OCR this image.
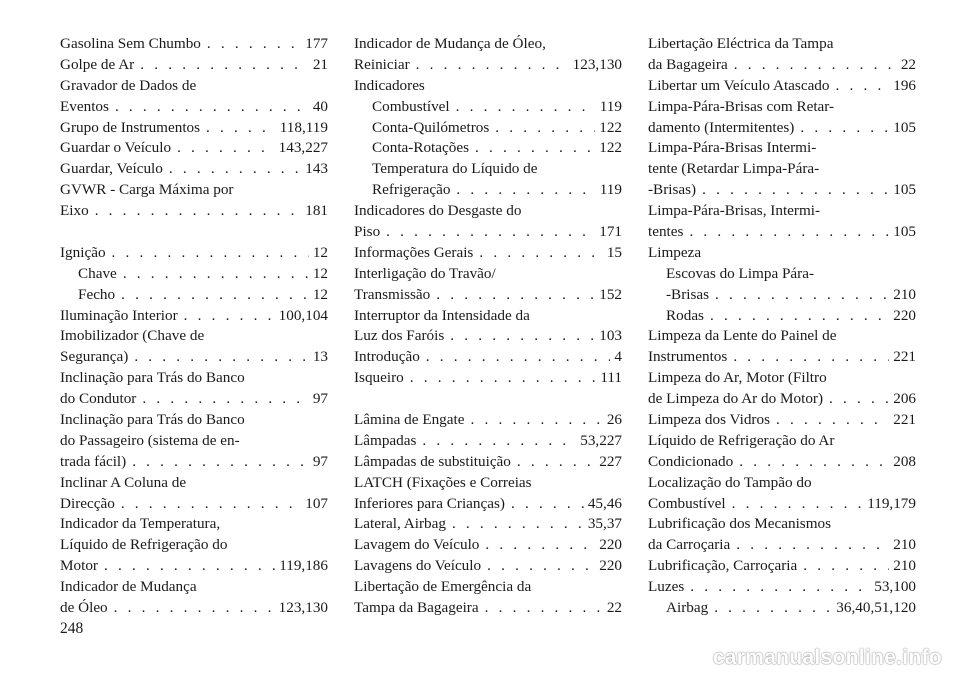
Gasolina Sem Chumbo . . .	177
Golpe de Ar . . .	21
Gravador de Dados de
Eventos . . .	40
Grupo de Instrumentos . . .	118,119
Guardar o Veículo . . .	143,227
Guardar, Veículo . . .	143
GVWR - Carga Máxima por
Eixo . . .	181
Ignição . . .	12
Chave . . .	12
Fecho . . .	12
Iluminação Interior . . .	100,104
Imobilizador (Chave de
Segurança) . . .	13
Inclinação para Trás do Banco
do Condutor . . .	97
Inclinação para Trás do Banco
do Passageiro (sistema de en-
trada fácil) . . .	97
Inclinar A Coluna de
Direcção . . .	107
Indicador da Temperatura,
Líquido de Refrigeração do
Motor . . .	119,186
Indicador de Mudança
de Óleo . . .	123,130
Indicador de Mudança de Óleo,
Reiniciar . . .	123,130
Indicadores
Combustível . . .	119
Conta-Quilómetros . . .	122
Conta-Rotações . . .	122
Temperatura do Líquido de
Refrigeração . . .	119
Indicadores do Desgaste do
Piso . . .	171
Informações Gerais . . .	15
Interligação do Travão/
Transmissão . . .	152
Interruptor da Intensidade da
Luz dos Faróis . . .	103
Introdução . . .	4
Isqueiro . . .	111
Lâmina de Engate . . .	26
Lâmpadas . . .	53,227
Lâmpadas de substituição . . .	227
LATCH (Fixações e Correias
Inferiores para Crianças) . . .	45,46
Lateral, Airbag . . .	35,37
Lavagem do Veículo . . .	220
Lavagens do Veículo . . .	220
Libertação de Emergência da
Tampa da Bagageira . . .	22
Libertação Eléctrica da Tampa
da Bagageira . . .	22
Libertar um Veículo Atascado . . .	196
Limpa-Pára-Brisas com Retar-
damento (Intermitentes) . . .	105
Limpa-Pára-Brisas Intermi-
tente (Retardar Limpa-Pára-
-Brisas) . . .	105
Limpa-Pára-Brisas, Intermi-
tentes . . .	105
Limpeza
Escovas do Limpa Pára-
-Brisas . . .	210
Rodas . . .	220
Limpeza da Lente do Painel de
Instrumentos . . .	221
Limpeza do Ar, Motor (Filtro
de Limpeza do Ar do Motor) . . .	206
Limpeza dos Vidros . . .	221
Líquido de Refrigeração do Ar
Condicionado . . .	208
Localização do Tampão do
Combustível . . .	119,179
Lubrificação dos Mecanismos
da Carroçaria . . .	210
Lubrificação, Carroçaria . . .	210
Luzes . . .	53,100
Airbag . . .	36,40,51,120
248
carmanualsonline.info
